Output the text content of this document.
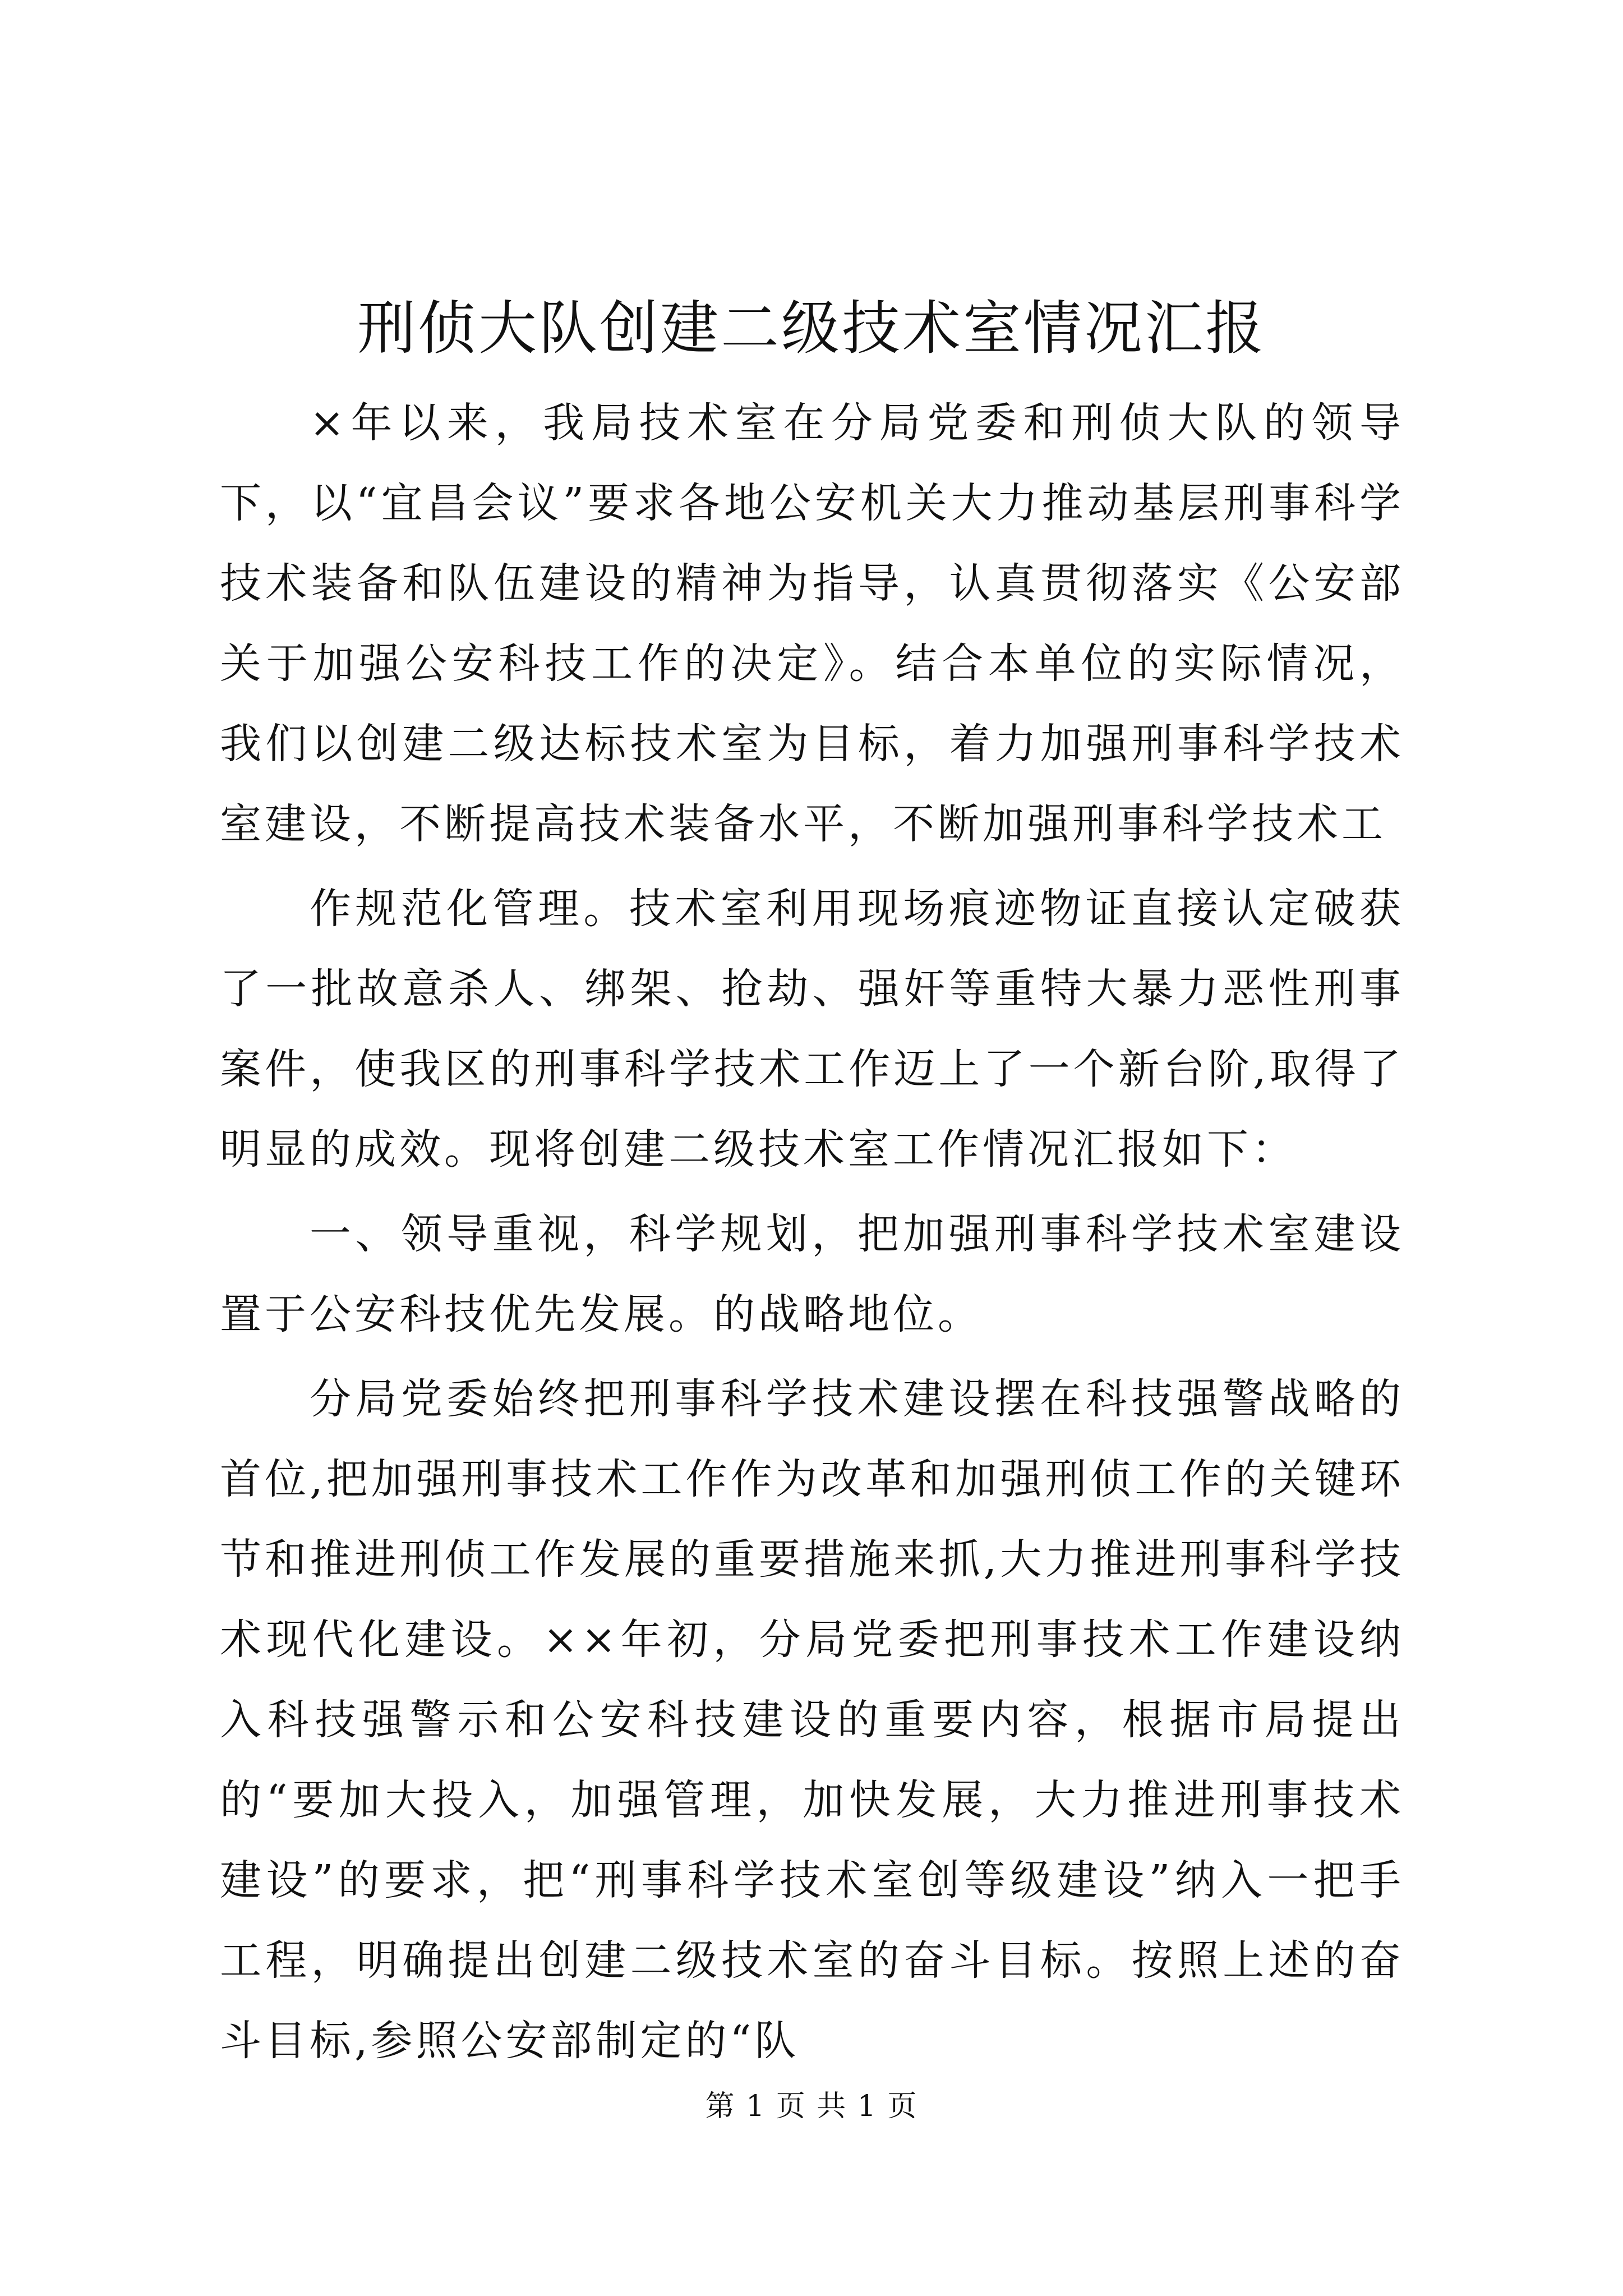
刑侦大队创建二级技术室情况汇报

×年以来，我局技术室在分局党委和刑侦大队的领导下，以“宜昌会议”要求各地公安机关大力推动基层刑事科学技术装备和队伍建设的精神为指导，认真贯彻落实《公安部关于加强公安科技工作的决定》。结合本单位的实际情况，我们以创建二级达标技术室为目标，着力加强刑事科学技术室建设，不断提高技术装备水平，不断加强刑事科学技术工

作规范化管理。技术室利用现场痕迹物证直接认定破获了一批故意杀人、绑架、抢劫、强奸等重特大暴力恶性刑事案件，使我区的刑事科学技术工作迈上了一个新台阶,取得了明显的成效。现将创建二级技术室工作情况汇报如下：

一、领导重视，科学规划，把加强刑事科学技术室建设置于公安科技优先发展。的战略地位。

分局党委始终把刑事科学技术建设摆在科技强警战略的首位,把加强刑事技术工作作为改革和加强刑侦工作的关键环节和推进刑侦工作发展的重要措施来抓,大力推进刑事科学技术现代化建设。××年初，分局党委把刑事技术工作建设纳入科技强警示和公安科技建设的重要内容，根据市局提出的“要加大投入，加强管理，加快发展，大力推进刑事技术建设”的要求，把“刑事科学技术室创等级建设”纳入一把手工程，明确提出创建二级技术室的奋斗目标。按照上述的奋斗目标,参照公安部制定的“队

第 1 页 共 1 页
